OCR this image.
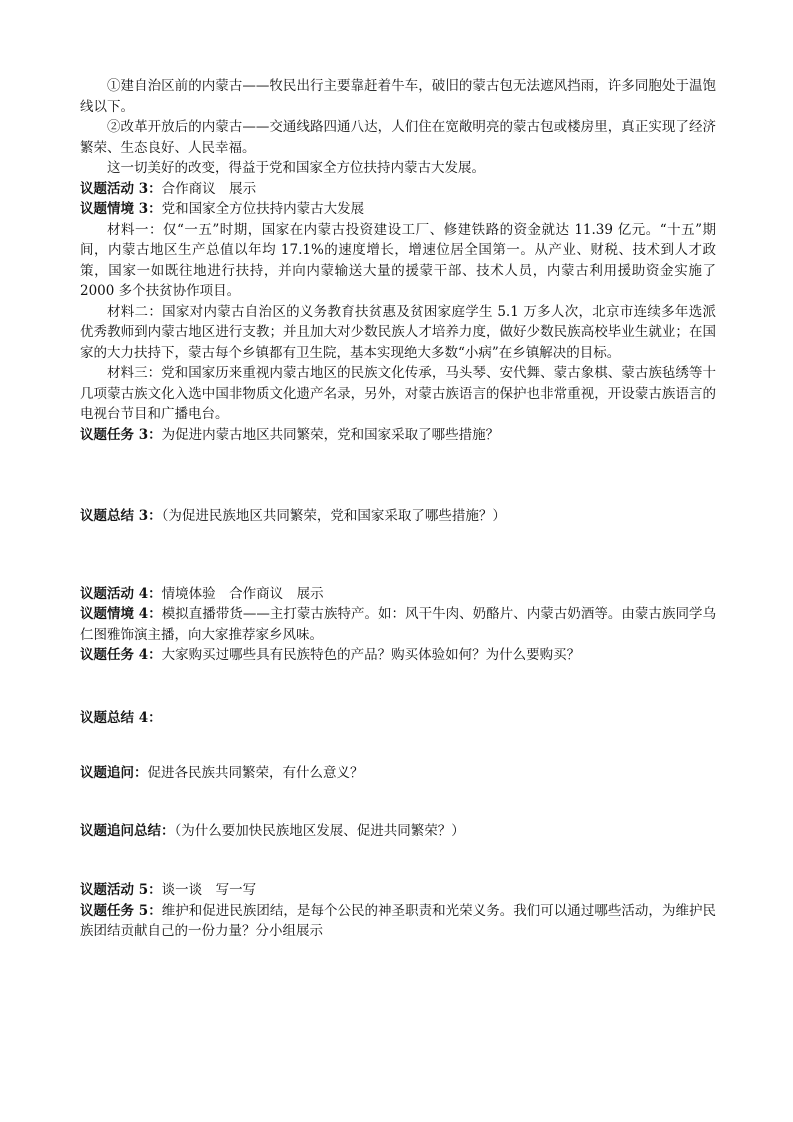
①建自治区前的内蒙古——牧民出行主要靠赶着牛车，破旧的蒙古包无法遮风挡雨，许多同胞处于温饱线以下。

②改革开放后的内蒙古——交通线路四通八达，人们住在宽敞明亮的蒙古包或楼房里，真正实现了经济繁荣、生态良好、人民幸福。

这一切美好的改变，得益于党和国家全方位扶持内蒙古大发展。

议题活动 3：合作商议　展示

议题情境 3：党和国家全方位扶持内蒙古大发展

材料一：仅“一五”时期，国家在内蒙古投资建设工厂、修建铁路的资金就达 11.39 亿元。“十五”期间，内蒙古地区生产总值以年均 17.1%的速度增长，增速位居全国第一。从产业、财税、技术到人才政策，国家一如既往地进行扶持，并向内蒙输送大量的援蒙干部、技术人员，内蒙古利用援助资金实施了 2000 多个扶贫协作项目。

材料二：国家对内蒙古自治区的义务教育扶贫惠及贫困家庭学生 5.1 万多人次，北京市连续多年选派优秀教师到内蒙古地区进行支教；并且加大对少数民族人才培养力度，做好少数民族高校毕业生就业；在国家的大力扶持下，蒙古每个乡镇都有卫生院，基本实现绝大多数“小病”在乡镇解决的目标。

材料三：党和国家历来重视内蒙古地区的民族文化传承，马头琴、安代舞、蒙古象棋、蒙古族毡绣等十几项蒙古族文化入选中国非物质文化遗产名录，另外，对蒙古族语言的保护也非常重视，开设蒙古族语言的电视台节目和广播电台。

议题任务 3：为促进内蒙古地区共同繁荣，党和国家采取了哪些措施？

议题总结 3：（为促进民族地区共同繁荣，党和国家采取了哪些措施？）

议题活动 4：情境体验　合作商议　展示

议题情境 4：模拟直播带货——主打蒙古族特产。如：风干牛肉、奶酪片、内蒙古奶酒等。由蒙古族同学乌仁图雅饰演主播，向大家推荐家乡风味。

议题任务 4：大家购买过哪些具有民族特色的产品？购买体验如何？为什么要购买？

议题总结 4：

议题追问：促进各民族共同繁荣，有什么意义？

议题追问总结：（为什么要加快民族地区发展、促进共同繁荣？）

议题活动 5：谈一谈　写一写

议题任务 5：维护和促进民族团结，是每个公民的神圣职责和光荣义务。我们可以通过哪些活动，为维护民族团结贡献自己的一份力量？分小组展示
